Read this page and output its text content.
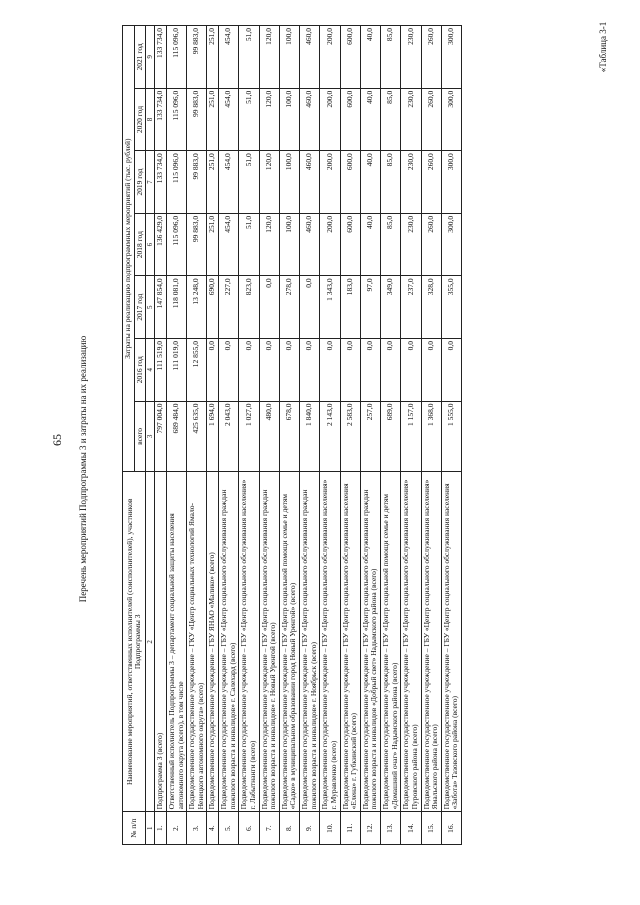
65
«Таблица 3-1
Перечень мероприятий Подпрограммы 3 и затраты на их реализацию
№ п/п	Наименование мероприятий, ответственных исполнителей (соисполнителей), участников Подпрограммы 3	Затраты на реализацию подпрограммных мероприятий (тыс. рублей)						
		всего	2016 год	2017 год	2018 год	2019 год	2020 год	2021 год
1	2	3	4	5	6	7	8	9
1.	Подпрограмма 3 (всего)	797 004,0	111 519,0	147 854,0	136 429,0	133 734,0	133 734,0	133 734,0
2.	Ответственный исполнитель Подпрограммы 3 – департамент социальной защиты населения автономного округа (всего), в том числе	689 484,0	111 019,0	118 081,0	115 096,0	115 096,0	115 096,0	115 096,0
3.	Подведомственное государственное учреждение – ГКУ «Центр социальных технологий Ямало-Ненецкого автономного округа» (всего)	425 635,0	12 855,0	13 248,0	99 883,0	99 883,0	99 883,0	99 883,0
4.	Подведомственное государственное учреждение – ГБУ ЯНАО «Малико» (всего)	1 694,0	0,0	690,0	251,0	251,0	251,0	251,0
5.	Подведомственное государственное учреждение – ГБУ «Центр социального обслуживания граждан пожилого возраста и инвалидов» г. Салехард (всего)	2 043,0	0,0	227,0	454,0	454,0	454,0	454,0
6.	Подведомственное государственное учреждение – ГБУ «Центр социального обслуживания населения» г. Лабытнанги (всего)	1 027,0	0,0	823,0	51,0	51,0	51,0	51,0
7.	Подведомственное государственное учреждение – ГБУ «Центр социального обслуживания граждан пожилого возраста и инвалидов» г. Новый Уренгой (всего)	480,0	0,0	0,0	120,0	120,0	120,0	120,0
8.	Подведомственное государственное учреждение – ГБУ «Центр социальной помощи семье и детям «Садко» в муниципальном образовании город Новый Уренгой» (всего)	678,0	0,0	278,0	100,0	100,0	100,0	100,0
9.	Подведомственное государственное учреждение – ГБУ «Центр социального обслуживания граждан пожилого возраста и инвалидов» г. Ноябрьск (всего)	1 840,0	0,0	0,0	460,0	460,0	460,0	460,0
10.	Подведомственное государственное учреждение – ГБУ «Центр социального обслуживания населения» г. Муравленко (всего)	2 143,0	0,0	1 343,0	200,0	200,0	200,0	200,0
11.	Подведомственное государственное учреждение – ГБУ «Центр социального обслуживания населения «Елена» г. Губкинский (всего)	2 583,0	0,0	183,0	600,0	600,0	600,0	600,0
12.	Подведомственное государственное учреждение – ГБУ «Центр социального обслуживания граждан пожилого возраста и инвалидов «Добрый свет» Надымского района (всего)	257,0	0,0	97,0	40,0	40,0	40,0	40,0
13.	Подведомственное государственное учреждение – ГБУ «Центр социальной помощи семье и детям «Домашний очаг» Надымского района (всего)	689,0	0,0	349,0	85,0	85,0	85,0	85,0
14.	Подведомственное государственное учреждение – ГБУ «Центр социального обслуживания населения» Пуровского района (всего)	1 157,0	0,0	237,0	230,0	230,0	230,0	230,0
15.	Подведомственное государственное учреждение – ГБУ «Центр социального обслуживания населения» Ямальского района (всего)	1 368,0	0,0	328,0	260,0	260,0	260,0	260,0
16.	Подведомственное государственное учреждение – ГБУ «Центр социального обслуживания населения «Забота» Тазовского района (всего)	1 555,0	0,0	355,0	300,0	300,0	300,0	300,0
